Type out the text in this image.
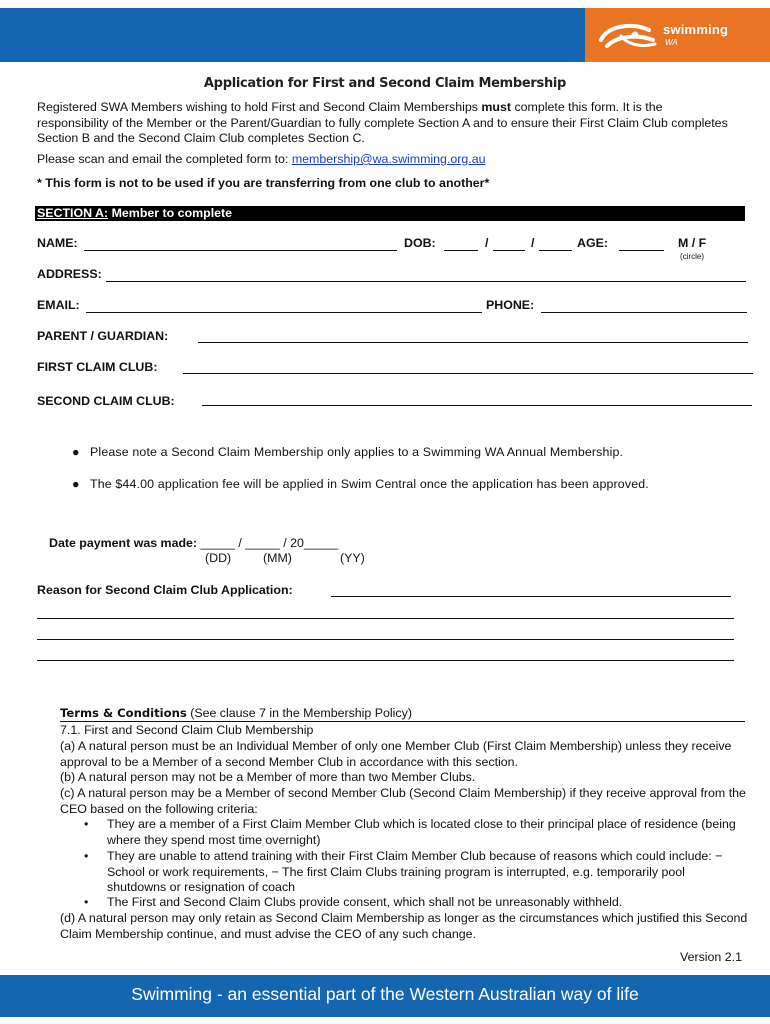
swimming
WA
Application for First and Second Claim Membership
Registered SWA Members wishing to hold First and Second Claim Memberships must complete this form. It is the responsibility of the Member or the Parent/Guardian to fully complete Section A and to ensure their First Claim Club completes Section B and the Second Claim Club completes Section C.
Please scan and email the completed form to: membership@wa.swimming.org.au
* This form is not to be used if you are transferring from one club to another*
SECTION A: Member to complete
NAME:	DOB:	/	/	AGE:	M / F
(circle)
ADDRESS:
EMAIL:	PHONE:
PARENT / GUARDIAN:
FIRST CLAIM CLUB:
SECOND CLAIM CLUB:
● Please note a Second Claim Membership only applies to a Swimming WA Annual Membership.
● The $44.00 application fee will be applied in Swim Central once the application has been approved.
Date payment was made: _____ / _____ / 20_____
(DD)	(MM)	(YY)
Reason for Second Claim Club Application:
Terms & Conditions (See clause 7 in the Membership Policy)
7.1. First and Second Claim Club Membership
(a) A natural person must be an Individual Member of only one Member Club (First Claim Membership) unless they receive approval to be a Member of a second Member Club in accordance with this section.
(b) A natural person may not be a Member of more than two Member Clubs.
(c) A natural person may be a Member of second Member Club (Second Claim Membership) if they receive approval from the CEO based on the following criteria:
• They are a member of a First Claim Member Club which is located close to their principal place of residence (being where they spend most time overnight)
• They are unable to attend training with their First Claim Member Club because of reasons which could include: − School or work requirements, − The first Claim Clubs training program is interrupted, e.g. temporarily pool shutdowns or resignation of coach
• The First and Second Claim Clubs provide consent, which shall not be unreasonably withheld.
(d) A natural person may only retain as Second Claim Membership as longer as the circumstances which justified this Second Claim Membership continue, and must advise the CEO of any such change.
Version 2.1
Swimming - an essential part of the Western Australian way of life
